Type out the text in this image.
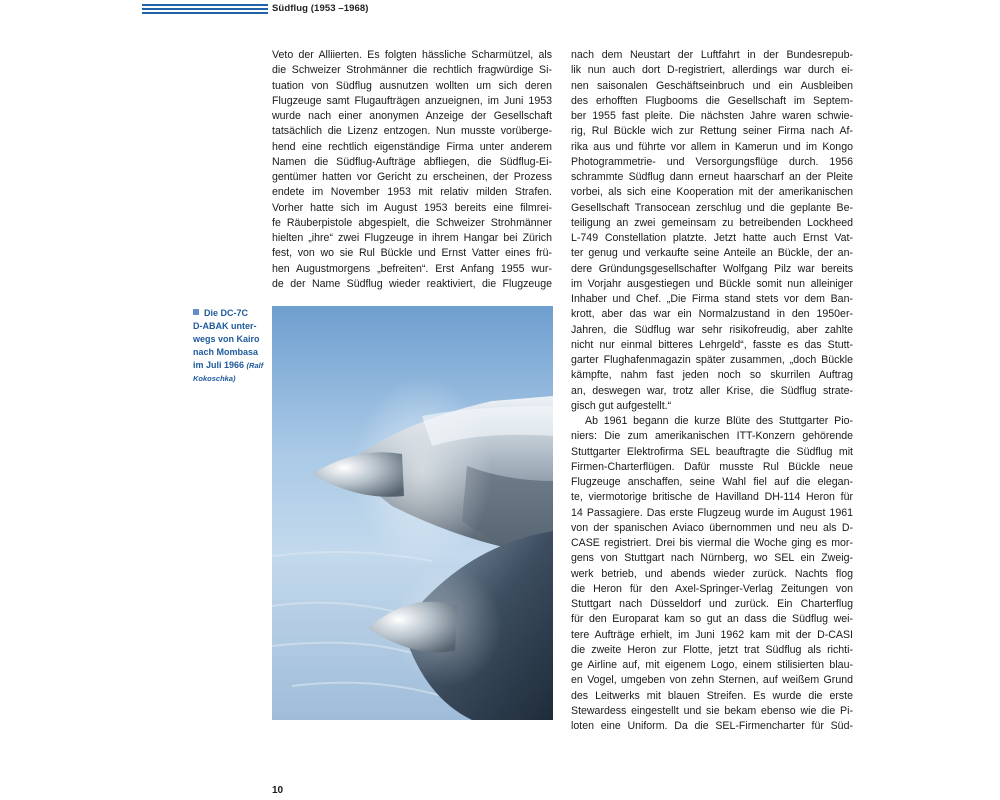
Südflug (1953 –1968)
Veto der Alliierten. Es folgten hässliche Scharmützel, als
die Schweizer Strohmänner die rechtlich fragwürdige Si-
tuation von Südflug ausnutzen wollten um sich deren
Flugzeuge samt Flugaufträgen anzueignen, im Juni 1953
wurde nach einer anonymen Anzeige der Gesellschaft
tatsächlich die Lizenz entzogen. Nun musste vorüberge-
hend eine rechtlich eigenständige Firma unter anderem
Namen die Südflug-Aufträge abfliegen, die Südflug-Ei-
gentümer hatten vor Gericht zu erscheinen, der Prozess
endete im November 1953 mit relativ milden Strafen.
Vorher hatte sich im August 1953 bereits eine filmrei-
fe Räuberpistole abgespielt, die Schweizer Strohmänner
hielten „ihre“ zwei Flugzeuge in ihrem Hangar bei Zürich
fest, von wo sie Rul Bückle und Ernst Vatter eines frü-
hen Augustmorgens „befreiten“. Erst Anfang 1955 wur-
de der Name Südflug wieder reaktiviert, die Flugzeuge
Die DC-7C
D-ABAK unter-
wegs von Kairo
nach Mombasa
im Juli 1966 (Ralf
Kokoschka)
nach dem Neustart der Luftfahrt in der Bundesrepub-
lik nun auch dort D-registriert, allerdings war durch ei-
nen saisonalen Geschäftseinbruch und ein Ausbleiben
des erhofften Flugbooms die Gesellschaft im Septem-
ber 1955 fast pleite. Die nächsten Jahre waren schwie-
rig, Rul Bückle wich zur Rettung seiner Firma nach Af-
rika aus und führte vor allem in Kamerun und im Kongo
Photogrammetrie- und Versorgungsflüge durch. 1956
schrammte Südflug dann erneut haarscharf an der Pleite
vorbei, als sich eine Kooperation mit der amerikanischen
Gesellschaft Transocean zerschlug und die geplante Be-
teiligung an zwei gemeinsam zu betreibenden Lockheed
L-749 Constellation platzte. Jetzt hatte auch Ernst Vat-
ter genug und verkaufte seine Anteile an Bückle, der an-
dere Gründungsgesellschafter Wolfgang Pilz war bereits
im Vorjahr ausgestiegen und Bückle somit nun alleiniger
Inhaber und Chef. „Die Firma stand stets vor dem Ban-
krott, aber das war ein Normalzustand in den 1950er-
Jahren, die Südflug war sehr risikofreudig, aber zahlte
nicht nur einmal bitteres Lehrgeld“, fasste es das Stutt-
garter Flughafenmagazin später zusammen, „doch Bückle
kämpfte, nahm fast jeden noch so skurrilen Auftrag
an, deswegen war, trotz aller Krise, die Südflug strate-
gisch gut aufgestellt.“
Ab 1961 begann die kurze Blüte des Stuttgarter Pio-
niers: Die zum amerikanischen ITT-Konzern gehörende
Stuttgarter Elektrofirma SEL beauftragte die Südflug mit
Firmen-Charterflügen. Dafür musste Rul Bückle neue
Flugzeuge anschaffen, seine Wahl fiel auf die elegan-
te, viermotorige britische de Havilland DH-114 Heron für
14 Passagiere. Das erste Flugzeug wurde im August 1961
von der spanischen Aviaco übernommen und neu als D-
CASE registriert. Drei bis viermal die Woche ging es mor-
gens von Stuttgart nach Nürnberg, wo SEL ein Zweig-
werk betrieb, und abends wieder zurück. Nachts flog
die Heron für den Axel-Springer-Verlag Zeitungen von
Stuttgart nach Düsseldorf und zurück. Ein Charterflug
für den Europarat kam so gut an dass die Südflug wei-
tere Aufträge erhielt, im Juni 1962 kam mit der D-CASI
die zweite Heron zur Flotte, jetzt trat Südflug als richti-
ge Airline auf, mit eigenem Logo, einem stilisierten blau-
en Vogel, umgeben von zehn Sternen, auf weißem Grund
des Leitwerks mit blauen Streifen. Es wurde die erste
Stewardess eingestellt und sie bekam ebenso wie die Pi-
loten eine Uniform. Da die SEL-Firmencharter für Süd-
10
